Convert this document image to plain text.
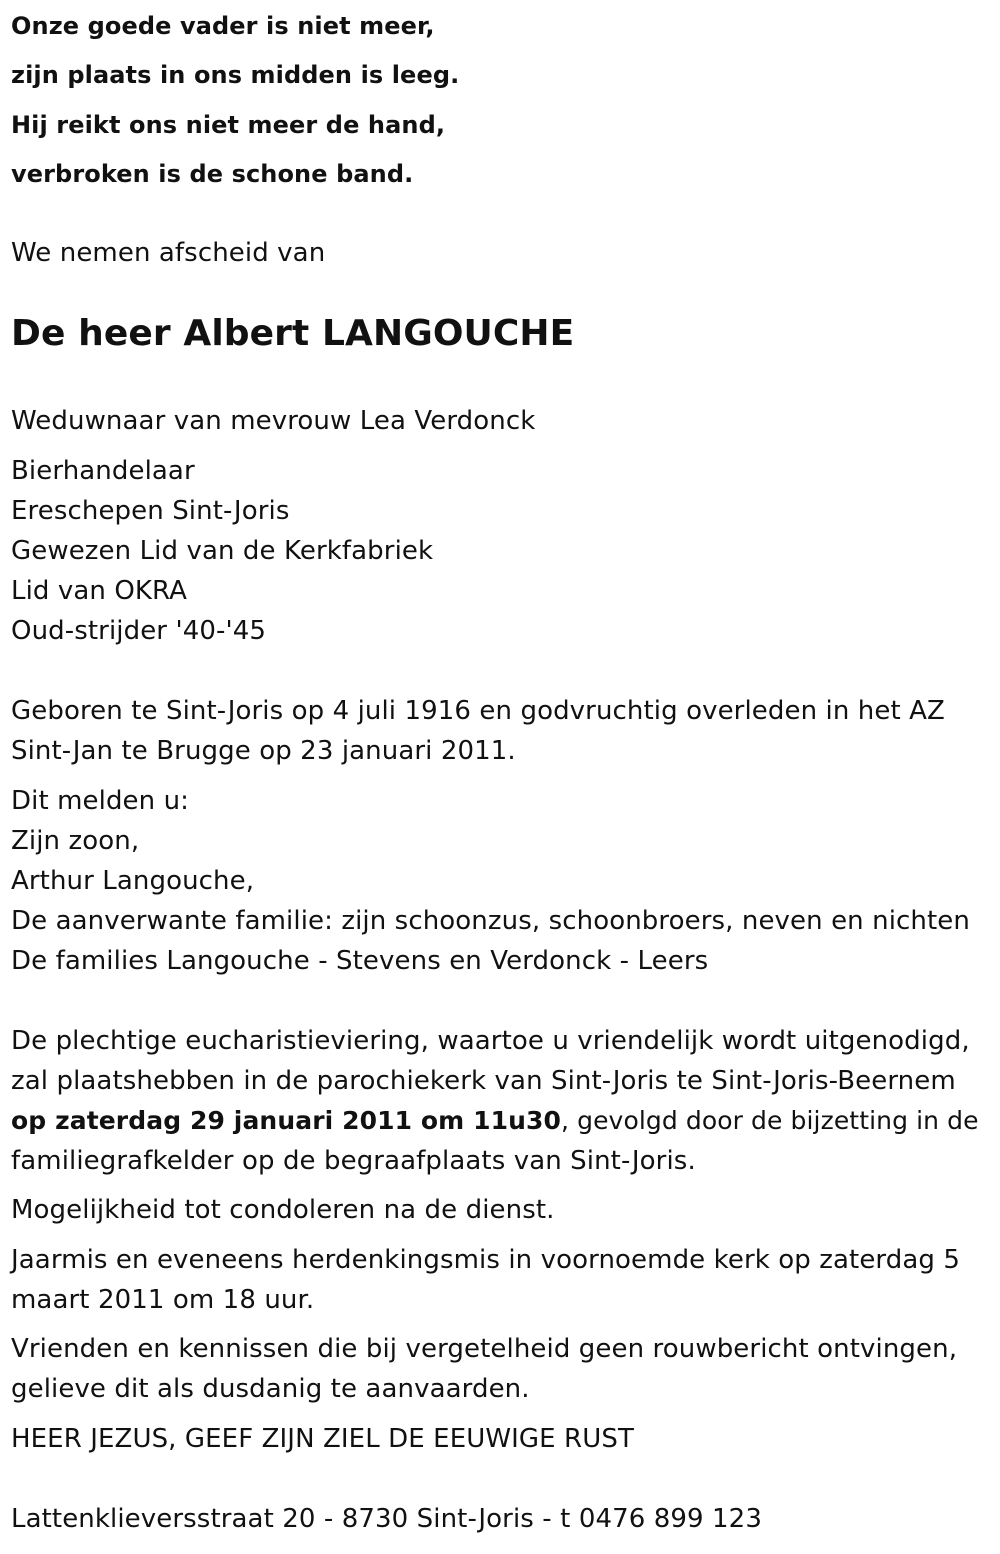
Onze goede vader is niet meer,
zijn plaats in ons midden is leeg.
Hij reikt ons niet meer de hand,
verbroken is de schone band.
We nemen afscheid van
De heer Albert LANGOUCHE
Weduwnaar van mevrouw Lea Verdonck
Bierhandelaar
Ereschepen Sint-Joris
Gewezen Lid van de Kerkfabriek
Lid van OKRA
Oud-strijder '40-'45
Geboren te Sint-Joris op 4 juli 1916 en godvruchtig overleden in het AZ
Sint-Jan te Brugge op 23 januari 2011.
Dit melden u:
Zijn zoon,
Arthur Langouche,
De aanverwante familie: zijn schoonzus, schoonbroers, neven en nichten
De families Langouche - Stevens en Verdonck - Leers
De plechtige eucharistieviering, waartoe u vriendelijk wordt uitgenodigd,
zal plaatshebben in de parochiekerk van Sint-Joris te Sint-Joris-Beernem
op zaterdag 29 januari 2011 om 11u30, gevolgd door de bijzetting in de
familiegrafkelder op de begraafplaats van Sint-Joris.
Mogelijkheid tot condoleren na de dienst.
Jaarmis en eveneens herdenkingsmis in voornoemde kerk op zaterdag 5
maart 2011 om 18 uur.
Vrienden en kennissen die bij vergetelheid geen rouwbericht ontvingen,
gelieve dit als dusdanig te aanvaarden.
HEER JEZUS, GEEF ZIJN ZIEL DE EEUWIGE RUST
Lattenklieversstraat 20 - 8730 Sint-Joris - t 0476 899 123
